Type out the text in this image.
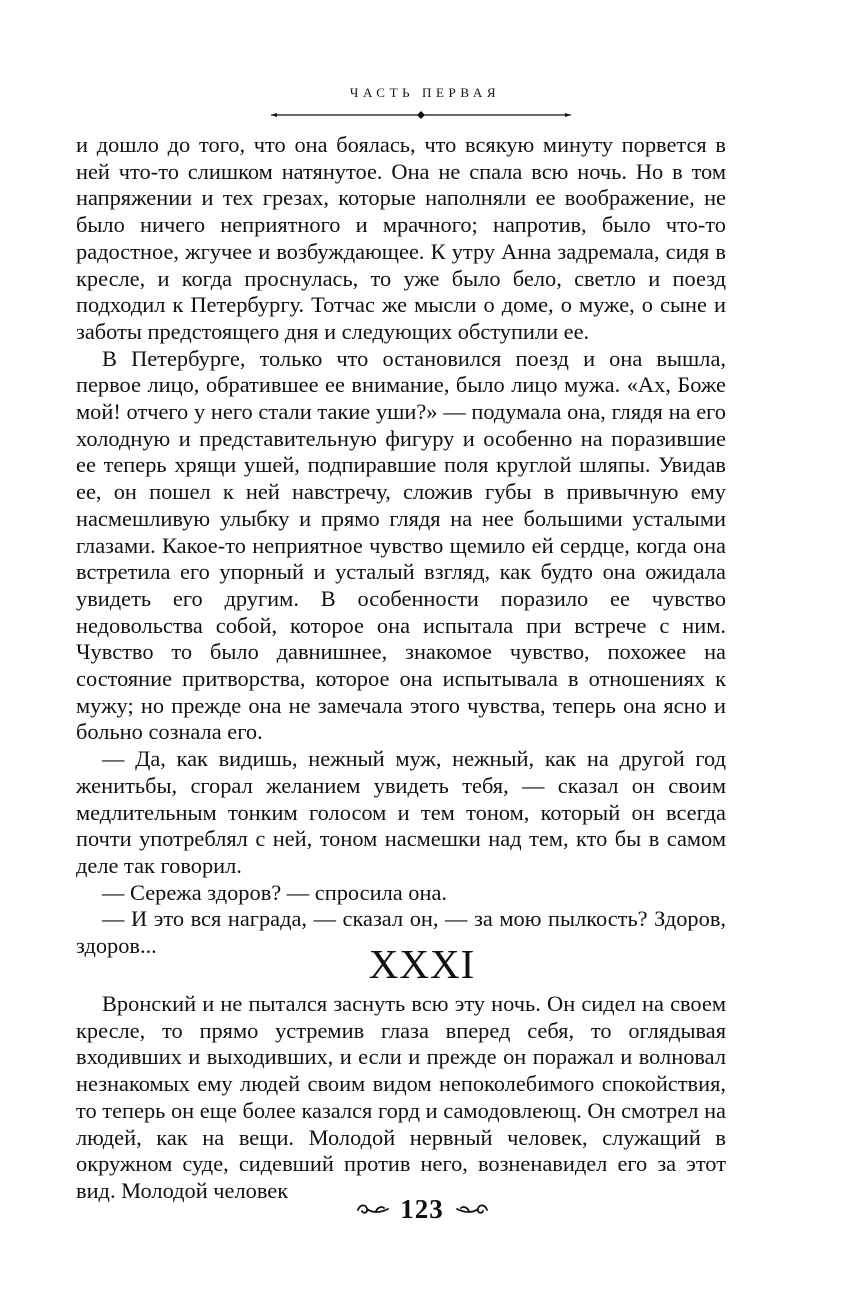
ЧАСТЬ ПЕРВАЯ

и дошло до того, что она боялась, что всякую минуту порвется в ней что-то слишком натянутое. Она не спала всю ночь. Но в том напряжении и тех грезах, которые наполняли ее воображение, не было ничего неприятного и мрачного; напротив, было что-то радостное, жгучее и возбуждающее. К утру Анна задремала, сидя в кресле, и когда проснулась, то уже было бело, светло и поезд подходил к Петербургу. Тотчас же мысли о доме, о муже, о сыне и заботы предстоящего дня и следующих обступили ее.

В Петербурге, только что остановился поезд и она вышла, первое лицо, обратившее ее внимание, было лицо мужа. «Ах, Боже мой! отчего у него стали такие уши?» — подумала она, глядя на его холодную и представительную фигуру и особенно на поразившие ее теперь хрящи ушей, подпиравшие поля круглой шляпы. Увидав ее, он пошел к ней навстречу, сложив губы в привычную ему насмешливую улыбку и прямо глядя на нее большими усталыми глазами. Какое-то неприятное чувство щемило ей сердце, когда она встретила его упорный и усталый взгляд, как будто она ожидала увидеть его другим. В особенности поразило ее чувство недовольства собой, которое она испытала при встрече с ним. Чувство то было давнишнее, знакомое чувство, похожее на состояние притворства, которое она испытывала в отношениях к мужу; но прежде она не замечала этого чувства, теперь она ясно и больно сознала его.

— Да, как видишь, нежный муж, нежный, как на другой год женитьбы, сгорал желанием увидеть тебя, — сказал он своим медлительным тонким голосом и тем тоном, который он всегда почти употреблял с ней, тоном насмешки над тем, кто бы в самом деле так говорил.

— Сережа здоров? — спросила она.

— И это вся награда, — сказал он, — за мою пылкость? Здоров, здоров...	XXXI

Вронский и не пытался заснуть всю эту ночь. Он сидел на своем кресле, то прямо устремив глаза вперед себя, то оглядывая входивших и выходивших, и если и прежде он поражал и волновал незнакомых ему людей своим видом непоколебимого спокойствия, то теперь он еще более казался горд и самодовлеющ. Он смотрел на людей, как на вещи. Молодой нервный человек, служащий в окружном суде, сидевший против него, возненавидел его за этот вид. Молодой человек

123
